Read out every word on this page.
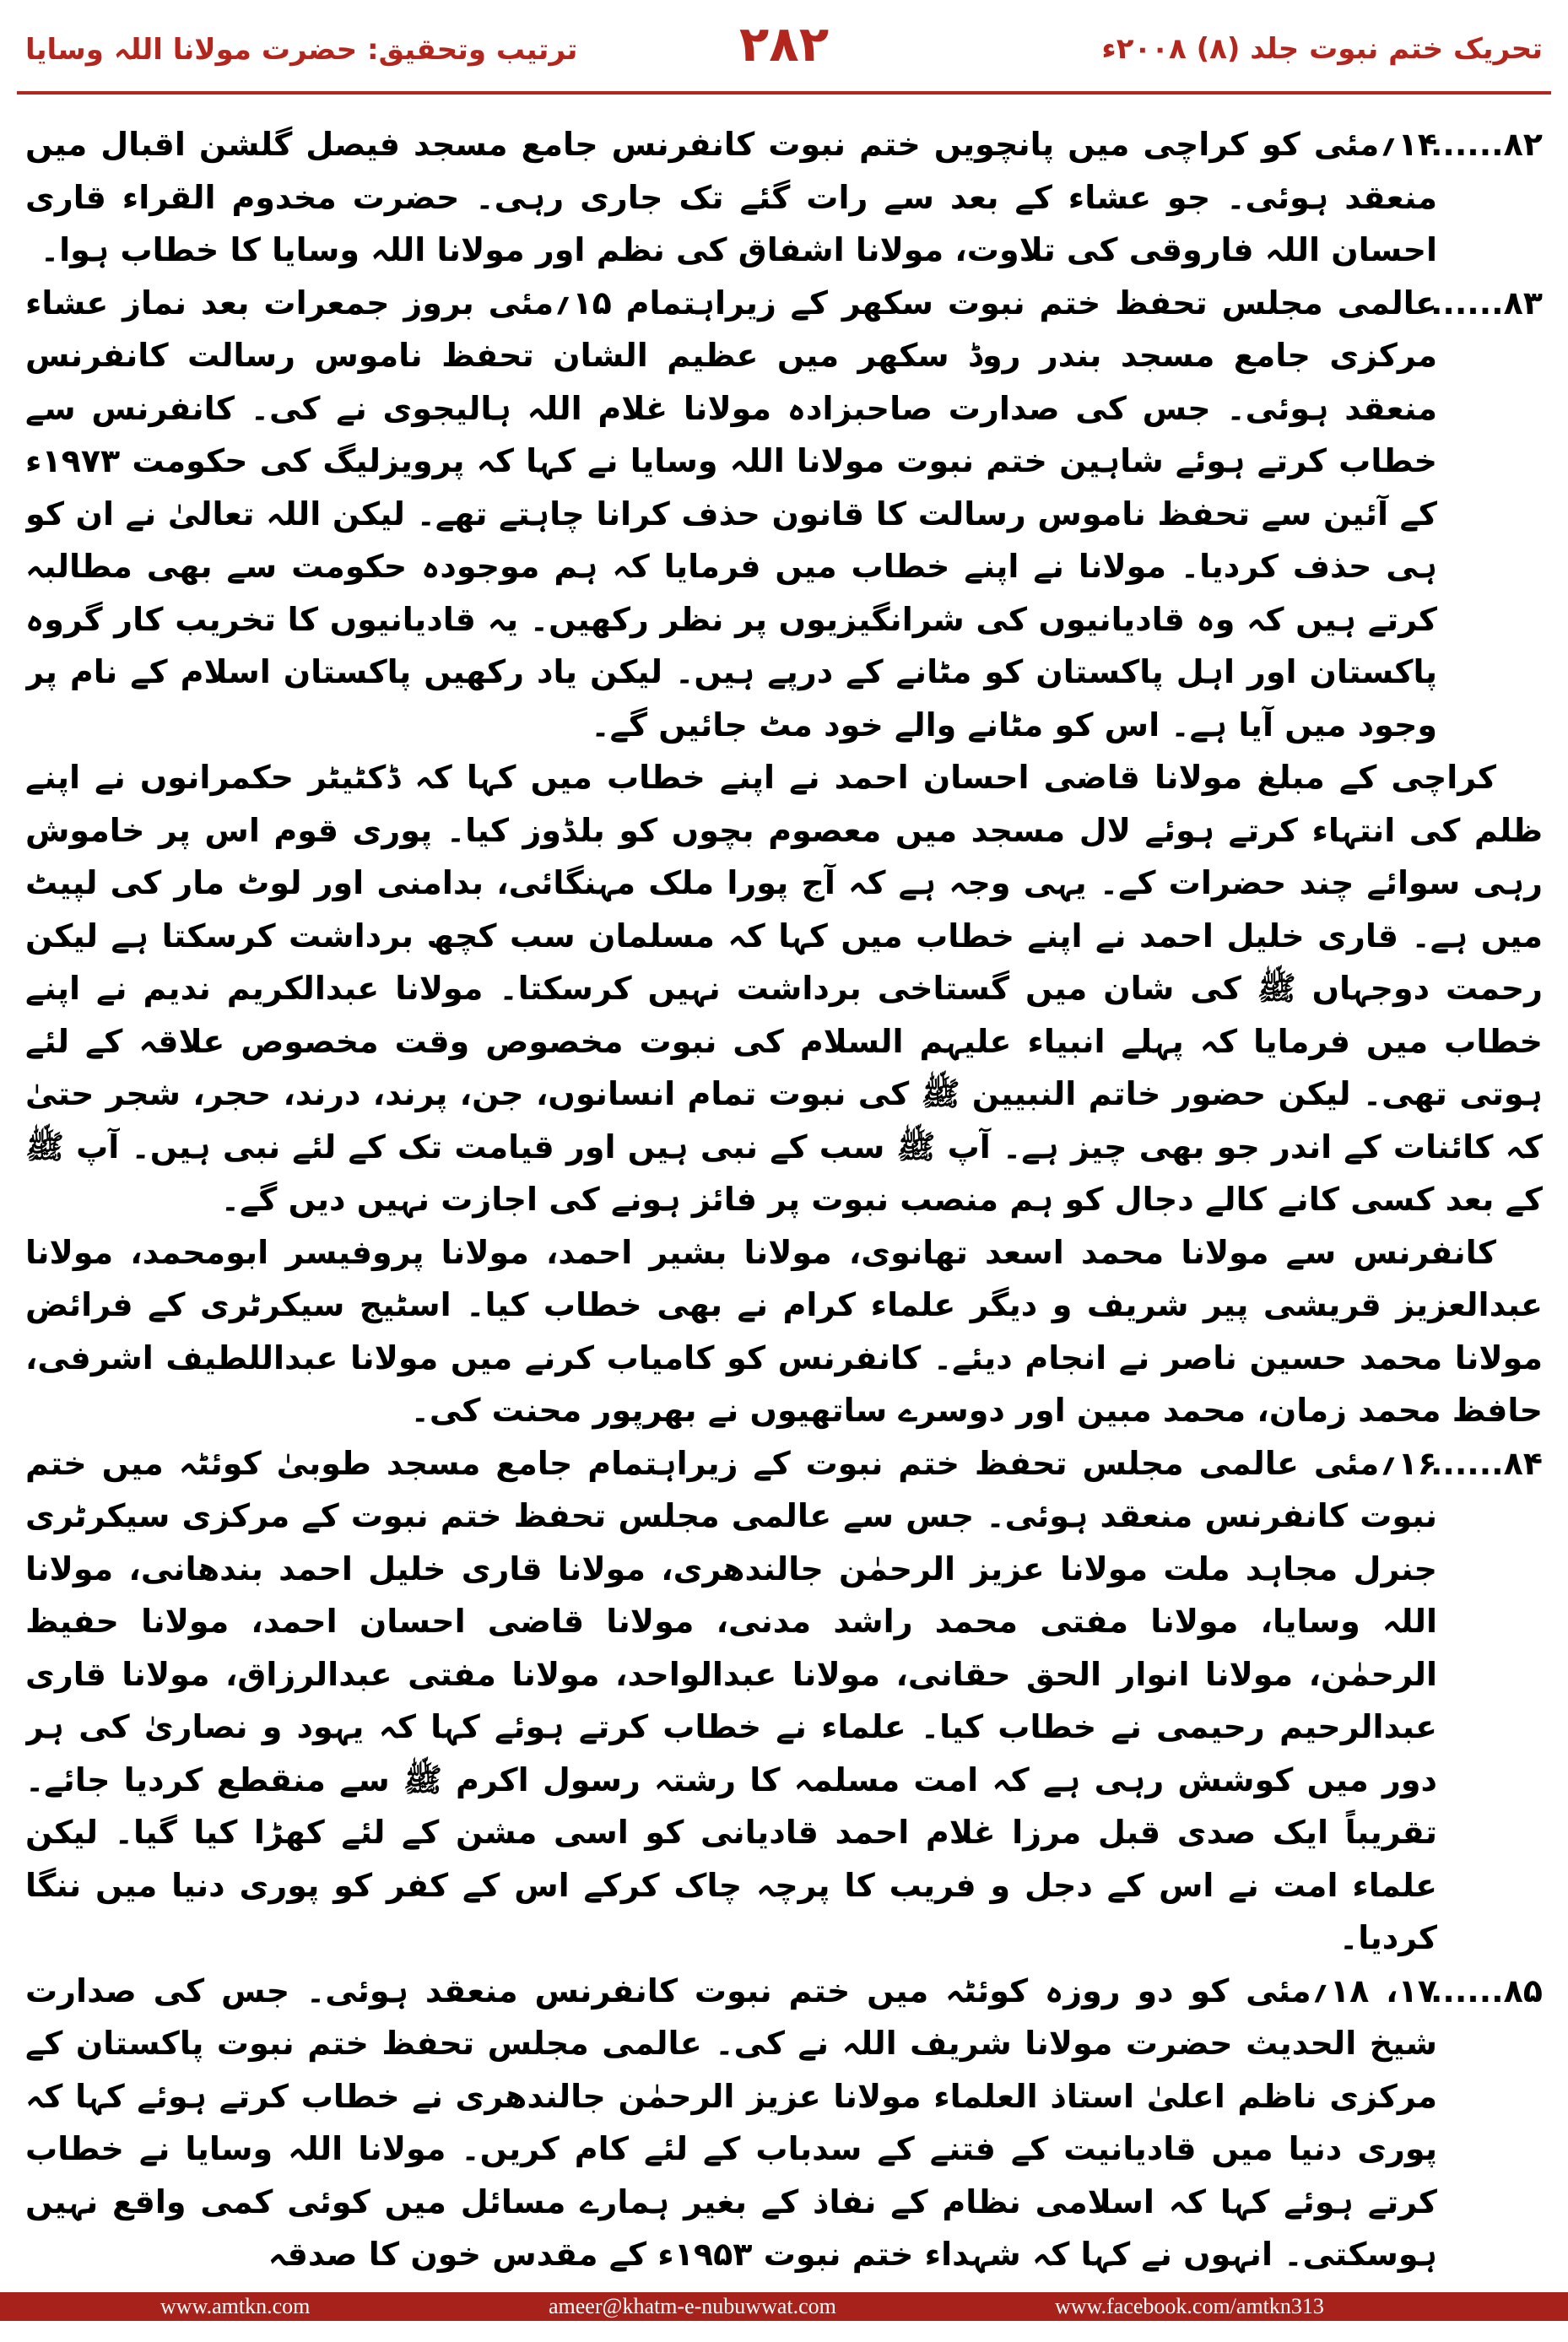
ترتیب وتحقیق: حضرت مولانا اللہ وسایا	۲۸۲	تحریک ختم نبوت جلد (۸) ۲۰۰۸ء

۸۲......
۱۴؍مئی کو کراچی میں پانچویں ختم نبوت کانفرنس جامع مسجد فیصل گلشن اقبال میں منعقد ہوئی۔ جو عشاء کے بعد سے رات گئے تک جاری رہی۔ حضرت مخدوم القراء قاری احسان اللہ فاروقی کی تلاوت، مولانا اشفاق کی نظم اور مولانا اللہ وسایا کا خطاب ہوا۔

۸۳......
عالمی مجلس تحفظ ختم نبوت سکھر کے زیراہتمام ۱۵؍مئی بروز جمعرات بعد نماز عشاء مرکزی جامع مسجد بندر روڈ سکھر میں عظیم الشان تحفظ ناموس رسالت کانفرنس منعقد ہوئی۔ جس کی صدارت صاحبزادہ مولانا غلام اللہ ہالیجوی نے کی۔ کانفرنس سے خطاب کرتے ہوئے شاہین ختم نبوت مولانا اللہ وسایا نے کہا کہ پرویزلیگ کی حکومت ۱۹۷۳ء کے آئین سے تحفظ ناموس رسالت کا قانون حذف کرانا چاہتے تھے۔ لیکن اللہ تعالیٰ نے ان کو ہی حذف کردیا۔ مولانا نے اپنے خطاب میں فرمایا کہ ہم موجودہ حکومت سے بھی مطالبہ کرتے ہیں کہ وہ قادیانیوں کی شرانگیزیوں پر نظر رکھیں۔ یہ قادیانیوں کا تخریب کار گروہ پاکستان اور اہل پاکستان کو مٹانے کے درپے ہیں۔ لیکن یاد رکھیں پاکستان اسلام کے نام پر وجود میں آیا ہے۔ اس کو مٹانے والے خود مٹ جائیں گے۔

کراچی کے مبلغ مولانا قاضی احسان احمد نے اپنے خطاب میں کہا کہ ڈکٹیٹر حکمرانوں نے اپنے ظلم کی انتہاء کرتے ہوئے لال مسجد میں معصوم بچوں کو بلڈوز کیا۔ پوری قوم اس پر خاموش رہی سوائے چند حضرات کے۔ یہی وجہ ہے کہ آج پورا ملک مہنگائی، بدامنی اور لوٹ مار کی لپیٹ میں ہے۔ قاری خلیل احمد نے اپنے خطاب میں کہا کہ مسلمان سب کچھ برداشت کرسکتا ہے لیکن رحمت دوجہاں ﷺ کی شان میں گستاخی برداشت نہیں کرسکتا۔ مولانا عبدالکریم ندیم نے اپنے خطاب میں فرمایا کہ پہلے انبیاء علیہم السلام کی نبوت مخصوص وقت مخصوص علاقہ کے لئے ہوتی تھی۔ لیکن حضور خاتم النبیین ﷺ کی نبوت تمام انسانوں، جن، پرند، درند، حجر، شجر حتیٰ کہ کائنات کے اندر جو بھی چیز ہے۔ آپ ﷺ سب کے نبی ہیں اور قیامت تک کے لئے نبی ہیں۔ آپ ﷺ کے بعد کسی کانے کالے دجال کو ہم منصب نبوت پر فائز ہونے کی اجازت نہیں دیں گے۔

کانفرنس سے مولانا محمد اسعد تھانوی، مولانا بشیر احمد، مولانا پروفیسر ابومحمد، مولانا عبدالعزیز قریشی پیر شریف و دیگر علماء کرام نے بھی خطاب کیا۔ اسٹیج سیکرٹری کے فرائض مولانا محمد حسین ناصر نے انجام دیئے۔ کانفرنس کو کامیاب کرنے میں مولانا عبداللطیف اشرفی، حافظ محمد زمان، محمد مبین اور دوسرے ساتھیوں نے بھرپور محنت کی۔

۸۴......
۱۶؍مئی عالمی مجلس تحفظ ختم نبوت کے زیراہتمام جامع مسجد طوبیٰ کوئٹہ میں ختم نبوت کانفرنس منعقد ہوئی۔ جس سے عالمی مجلس تحفظ ختم نبوت کے مرکزی سیکرٹری جنرل مجاہد ملت مولانا عزیز الرحمٰن جالندھری، مولانا قاری خلیل احمد بندھانی، مولانا اللہ وسایا، مولانا مفتی محمد راشد مدنی، مولانا قاضی احسان احمد، مولانا حفیظ الرحمٰن، مولانا انوار الحق حقانی، مولانا عبدالواحد، مولانا مفتی عبدالرزاق، مولانا قاری عبدالرحیم رحیمی نے خطاب کیا۔ علماء نے خطاب کرتے ہوئے کہا کہ یہود و نصاریٰ کی ہر دور میں کوشش رہی ہے کہ امت مسلمہ کا رشتہ رسول اکرم ﷺ سے منقطع کردیا جائے۔ تقریباً ایک صدی قبل مرزا غلام احمد قادیانی کو اسی مشن کے لئے کھڑا کیا گیا۔ لیکن علماء امت نے اس کے دجل و فریب کا پرچہ چاک کرکے اس کے کفر کو پوری دنیا میں ننگا کردیا۔

۸۵......
۱۷، ۱۸؍مئی کو دو روزہ کوئٹہ میں ختم نبوت کانفرنس منعقد ہوئی۔ جس کی صدارت شیخ الحدیث حضرت مولانا شریف اللہ نے کی۔ عالمی مجلس تحفظ ختم نبوت پاکستان کے مرکزی ناظم اعلیٰ استاذ العلماء مولانا عزیز الرحمٰن جالندھری نے خطاب کرتے ہوئے کہا کہ پوری دنیا میں قادیانیت کے فتنے کے سدباب کے لئے کام کریں۔ مولانا اللہ وسایا نے خطاب کرتے ہوئے کہا کہ اسلامی نظام کے نفاذ کے بغیر ہمارے مسائل میں کوئی کمی واقع نہیں ہوسکتی۔ انہوں نے کہا کہ شہداء ختم نبوت ۱۹۵۳ء کے مقدس خون کا صدقہ

www.amtkn.com	ameer@khatm-e-nubuwwat.com	www.facebook.com/amtkn313
